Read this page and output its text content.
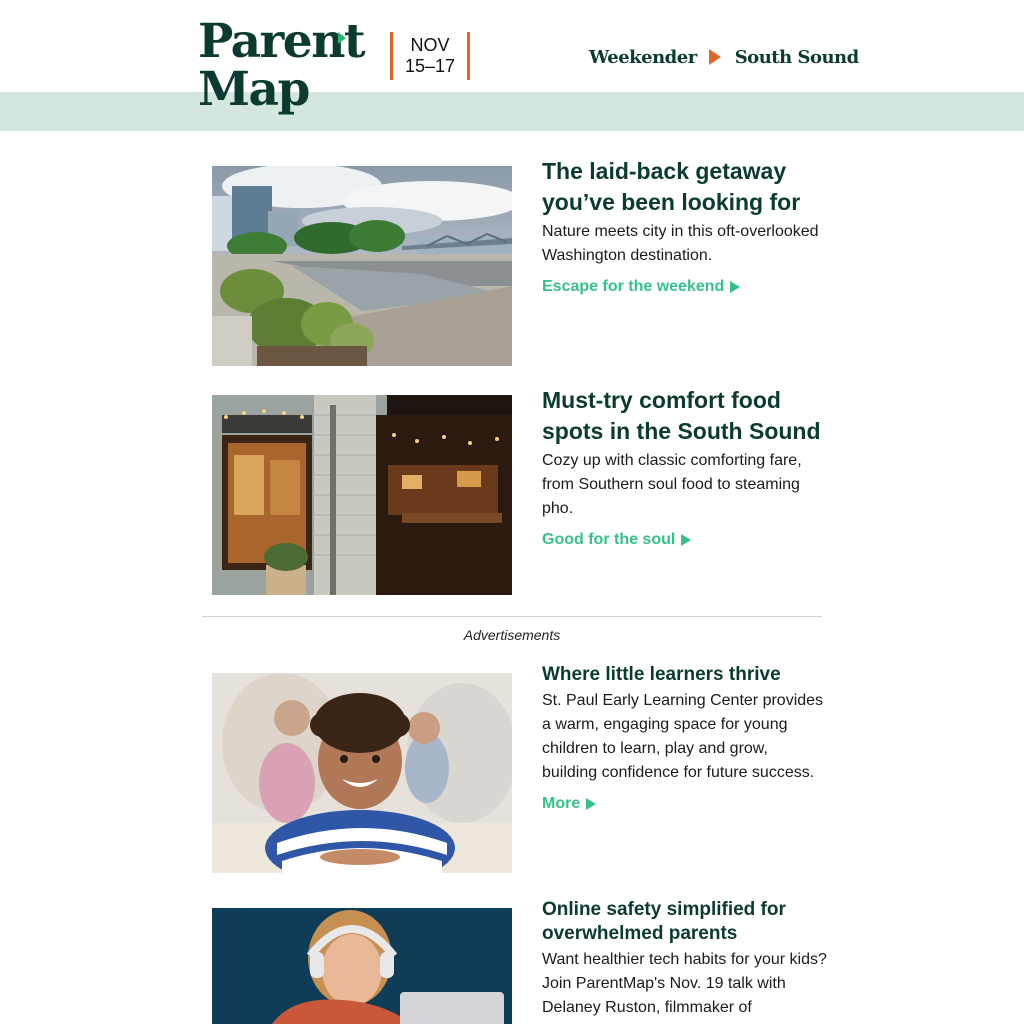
Parent
Map
NOV
15–17	Weekender South Sound
The laid-back getaway you’ve been looking for

Nature meets city in this oft-overlooked Washington destination.

Escape for the weekend
Must-try comfort food spots in the South Sound

Cozy up with classic comforting fare, from Southern soul food to steaming pho.

Good for the soul
Advertisements
Where little learners thrive

St. Paul Early Learning Center provides a warm, engaging space for young children to learn, play and grow, building confidence for future success.

More
Online safety simplified for overwhelmed parents

Want healthier tech habits for your kids? Join ParentMap's Nov. 19 talk with Delaney Ruston, filmmaker of
